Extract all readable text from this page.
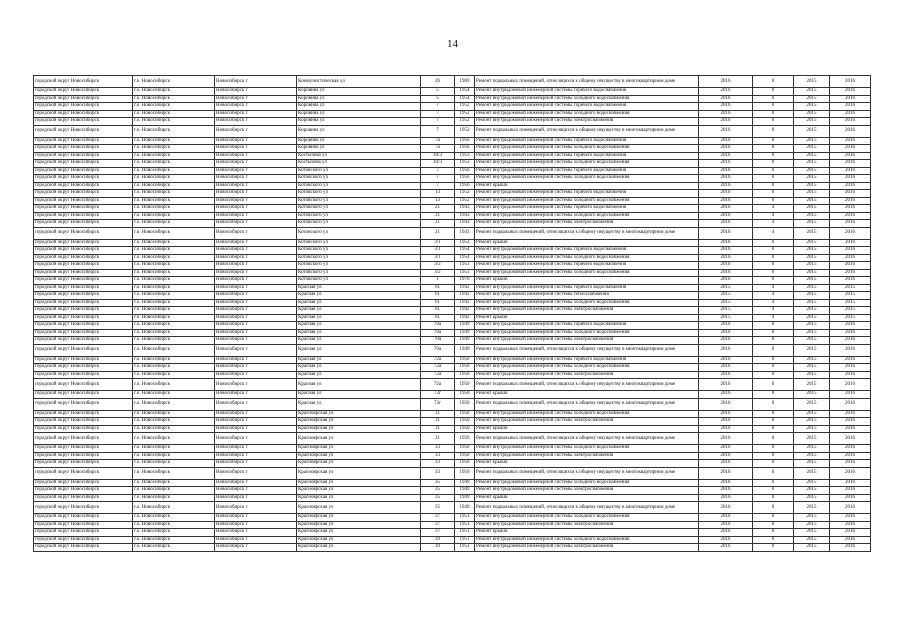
14
городской округ Новосибирск	г.о. Новосибирск	Новосибирск г	Коммунистическая ул	26	1969	Ремонт подвальных помещений, относящихся к общему имуществу в многоквартирном доме	2016	0	2015	2016
городской округ Новосибирск	г.о. Новосибирск	Новосибирск г	Коровина ул	5	1954	Ремонт внутридомовой инженерной системы горячего водоснабжения	2016	0	2015	2016
городской округ Новосибирск	г.о. Новосибирск	Новосибирск г	Коровина ул	5	1954	Ремонт внутридомовой инженерной системы холодного водоснабжения	2016	0	2015	2016
городской округ Новосибирск	г.о. Новосибирск	Новосибирск г	Коровина ул	7	1952	Ремонт внутридомовой инженерной системы горячего водоснабжения	2016	0	2015	2016
городской округ Новосибирск	г.о. Новосибирск	Новосибирск г	Коровина ул	7	1952	Ремонт внутридомовой инженерной системы холодного водоснабжения	2016	0	2015	2016
городской округ Новосибирск	г.о. Новосибирск	Новосибирск г	Коровина ул	7	1952	Ремонт внутридомовой инженерной системы электроснабжения	2016	0	2015	2016
городской округ Новосибирск	г.о. Новосибирск	Новосибирск г	Коровина ул	7	1952	Ремонт подвальных помещений, относящихся к общему имуществу в многоквартирном доме	2016	0	2015	2016
городской округ Новосибирск	г.о. Новосибирск	Новосибирск г	Коровина ул	7а	1956	Ремонт внутридомовой инженерной системы горячего водоснабжения	2016	0	2015	2016
городской округ Новосибирск	г.о. Новосибирск	Новосибирск г	Коровина ул	7а	1956	Ремонт внутридомовой инженерной системы холодного водоснабжения	2016	0	2015	2016
городской округ Новосибирск	г.о. Новосибирск	Новосибирск г	Костычева ул	10/3	1953	Ремонт внутридомовой инженерной системы горячего водоснабжения	2016	0	2015	2016
городской округ Новосибирск	г.о. Новосибирск	Новосибирск г	Костычева ул	10/3	1953	Ремонт внутридомовой инженерной системы холодного водоснабжения	2016	0	2015	2016
городской округ Новосибирск	г.о. Новосибирск	Новосибирск г	Котовского ул	7	1956	Ремонт внутридомовой инженерной системы горячего водоснабжения	2016	0	2015	2016
городской округ Новосибирск	г.о. Новосибирск	Новосибирск г	Котовского ул	7	1956	Ремонт внутридомовой инженерной системы холодного водоснабжения	2016	0	2015	2016
городской округ Новосибирск	г.о. Новосибирск	Новосибирск г	Котовского ул	7	1956	Ремонт крыши	2016	0	2015	2016
городской округ Новосибирск	г.о. Новосибирск	Новосибирск г	Котовского ул	13	1952	Ремонт внутридомовой инженерной системы горячего водоснабжения	2016	0	2015	2016
городской округ Новосибирск	г.о. Новосибирск	Новосибирск г	Котовского ул	13	1952	Ремонт внутридомовой инженерной системы холодного водоснабжения	2016	0	2015	2016
городской округ Новосибирск	г.о. Новосибирск	Новосибирск г	Котовского ул	21	1943	Ремонт внутридомовой инженерной системы горячего водоснабжения	2016	4	2015	2016
городской округ Новосибирск	г.о. Новосибирск	Новосибирск г	Котовского ул	21	1943	Ремонт внутридомовой инженерной системы холодного водоснабжения	2016	4	2015	2016
городской округ Новосибирск	г.о. Новосибирск	Новосибирск г	Котовского ул	21	1943	Ремонт внутридомовой инженерной системы электроснабжения	2016	4	2015	2016
городской округ Новосибирск	г.о. Новосибирск	Новосибирск г	Котовского ул	21	1943	Ремонт подвальных помещений, относящихся к общему имуществу в многоквартирном доме	2016	4	2015	2016
городской округ Новосибирск	г.о. Новосибирск	Новосибирск г	Котовского ул	3/1	1953	Ремонт крыши	2016	0	2015	2016
городской округ Новосибирск	г.о. Новосибирск	Новосибирск г	Котовского ул	3/1	1954	Ремонт внутридомовой инженерной системы горячего водоснабжения	2016	0	2015	2016
городской округ Новосибирск	г.о. Новосибирск	Новосибирск г	Котовского ул	3/1	1954	Ремонт внутридомовой инженерной системы холодного водоснабжения	2016	0	2015	2016
городской округ Новосибирск	г.о. Новосибирск	Новосибирск г	Котовского ул	3/2	1953	Ремонт внутридомовой инженерной системы горячего водоснабжения	2016	0	2015	2016
городской округ Новосибирск	г.о. Новосибирск	Новосибирск г	Котовского ул	3/2	1953	Ремонт внутридомовой инженерной системы холодного водоснабжения	2016	0	2015	2016
городской округ Новосибирск	г.о. Новосибирск	Новосибирск г	Котовского ул	1	1970	Ремонт крыши	2016	0	2015	2016
городской округ Новосибирск	г.о. Новосибирск	Новосибирск г	Красная ул	61	1942	Ремонт внутридомовой инженерной системы горячего водоснабжения	2015	4	2015	2015
городской округ Новосибирск	г.о. Новосибирск	Новосибирск г	Красная ул	61	1942	Ремонт внутридомовой инженерной системы теплоснабжения	2015	4	2015	2015
городской округ Новосибирск	г.о. Новосибирск	Новосибирск г	Красная ул	61	1942	Ремонт внутридомовой инженерной системы холодного водоснабжения	2015	4	2015	2015
городской округ Новосибирск	г.о. Новосибирск	Новосибирск г	Красная ул	61	1942	Ремонт внутридомовой инженерной системы электроснабжения	2015	4	2015	2015
городской округ Новосибирск	г.о. Новосибирск	Новосибирск г	Красная ул	61	1942	Ремонт крыши	2015	4	2015	2015
городской округ Новосибирск	г.о. Новосибирск	Новосибирск г	Красная ул	70а	1949	Ремонт внутридомовой инженерной системы горячего водоснабжения	2016	0	2015	2016
городской округ Новосибирск	г.о. Новосибирск	Новосибирск г	Красная ул	70а	1949	Ремонт внутридомовой инженерной системы холодного водоснабжения	2016	0	2015	2016
городской округ Новосибирск	г.о. Новосибирск	Новосибирск г	Красная ул	70а	1949	Ремонт внутридомовой инженерной системы электроснабжения	2016	0	2015	2016
городской округ Новосибирск	г.о. Новосибирск	Новосибирск г	Красная ул	70а	1949	Ремонт подвальных помещений, относящихся к общему имуществу в многоквартирном доме	2016	0	2015	2016
городской округ Новосибирск	г.о. Новосибирск	Новосибирск г	Красная ул	72а	1950	Ремонт внутридомовой инженерной системы горячего водоснабжения	2016	0	2015	2016
городской округ Новосибирск	г.о. Новосибирск	Новосибирск г	Красная ул	72а	1950	Ремонт внутридомовой инженерной системы холодного водоснабжения	2016	0	2015	2016
городской округ Новосибирск	г.о. Новосибирск	Новосибирск г	Красная ул	72а	1950	Ремонт внутридомовой инженерной системы электроснабжения	2016	0	2015	2016
городской округ Новосибирск	г.о. Новосибирск	Новосибирск г	Красная ул	72а	1950	Ремонт подвальных помещений, относящихся к общему имуществу в многоквартирном доме	2016	0	2015	2016
городской округ Новосибирск	г.о. Новосибирск	Новосибирск г	Красная ул	72г	1950	Ремонт крыши	2016	0	2015	2016
городской округ Новосибирск	г.о. Новосибирск	Новосибирск г	Красная ул	72г	1950	Ремонт подвальных помещений, относящихся к общему имуществу в многоквартирном доме	2016	0	2015	2016
городской округ Новосибирск	г.о. Новосибирск	Новосибирск г	Красноярская ул	31	1950	Ремонт внутридомовой инженерной системы холодного водоснабжения	2016	0	2015	2016
городской округ Новосибирск	г.о. Новосибирск	Новосибирск г	Красноярская ул	31	1950	Ремонт внутридомовой инженерной системы электроснабжения	2016	0	2015	2016
городской округ Новосибирск	г.о. Новосибирск	Новосибирск г	Красноярская ул	31	1950	Ремонт крыши	2016	0	2015	2016
городской округ Новосибирск	г.о. Новосибирск	Новосибирск г	Красноярская ул	31	1950	Ремонт подвальных помещений, относящихся к общему имуществу в многоквартирном доме	2016	0	2015	2016
городской округ Новосибирск	г.о. Новосибирск	Новосибирск г	Красноярская ул	33	1950	Ремонт внутридомовой инженерной системы холодного водоснабжения	2016	0	2015	2016
городской округ Новосибирск	г.о. Новосибирск	Новосибирск г	Красноярская ул	33	1950	Ремонт внутридомовой инженерной системы электроснабжения	2016	0	2015	2016
городской округ Новосибирск	г.о. Новосибирск	Новосибирск г	Красноярская ул	33	1950	Ремонт крыши	2016	0	2015	2016
городской округ Новосибирск	г.о. Новосибирск	Новосибирск г	Красноярская ул	33	1950	Ремонт подвальных помещений, относящихся к общему имуществу в многоквартирном доме	2016	0	2015	2016
городской округ Новосибирск	г.о. Новосибирск	Новосибирск г	Красноярская ул	35	1949	Ремонт внутридомовой инженерной системы холодного водоснабжения	2016	0	2015	2016
городской округ Новосибирск	г.о. Новосибирск	Новосибирск г	Красноярская ул	35	1949	Ремонт внутридомовой инженерной системы электроснабжения	2016	0	2015	2016
городской округ Новосибирск	г.о. Новосибирск	Новосибирск г	Красноярская ул	35	1949	Ремонт крыши	2016	0	2015	2016
городской округ Новосибирск	г.о. Новосибирск	Новосибирск г	Красноярская ул	35	1949	Ремонт подвальных помещений, относящихся к общему имуществу в многоквартирном доме	2016	0	2015	2016
городской округ Новосибирск	г.о. Новосибирск	Новосибирск г	Красноярская ул	37	1951	Ремонт внутридомовой инженерной системы холодного водоснабжения	2016	0	2015	2016
городской округ Новосибирск	г.о. Новосибирск	Новосибирск г	Красноярская ул	37	1951	Ремонт внутридомовой инженерной системы электроснабжения	2016	0	2015	2016
городской округ Новосибирск	г.о. Новосибирск	Новосибирск г	Красноярская ул	37	1951	Ремонт крыши	2016	0	2015	2016
городской округ Новосибирск	г.о. Новосибирск	Новосибирск г	Красноярская ул	39	1951	Ремонт внутридомовой инженерной системы холодного водоснабжения	2016	0	2015	2016
городской округ Новосибирск	г.о. Новосибирск	Новосибирск г	Красноярская ул	39	1951	Ремонт внутридомовой инженерной системы электроснабжения	2016	0	2015	2016
